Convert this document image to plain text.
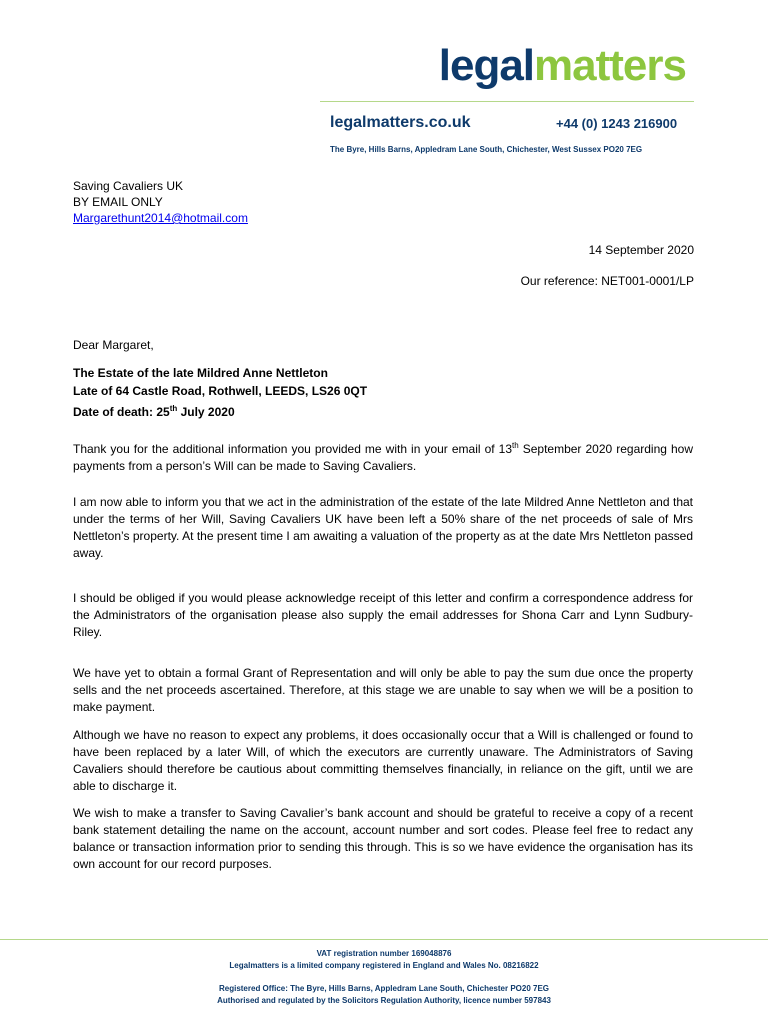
legalmatters
legalmatters.co.uk	+44 (0) 1243 216900
The Byre, Hills Barns, Appledram Lane South, Chichester, West Sussex PO20 7EG
Saving Cavaliers UK
BY EMAIL ONLY
Margarethunt2014@hotmail.com
14 September 2020
Our reference: NET001-0001/LP
Dear Margaret,
The Estate of the late Mildred Anne Nettleton
Late of 64 Castle Road, Rothwell, LEEDS, LS26 0QT
Date of death: 25th July 2020

Thank you for the additional information you provided me with in your email of 13th September 2020 regarding how payments from a person’s Will can be made to Saving Cavaliers.

I am now able to inform you that we act in the administration of the estate of the late Mildred Anne Nettleton and that under the terms of her Will, Saving Cavaliers UK have been left a 50% share of the net proceeds of sale of Mrs Nettleton’s property. At the present time I am awaiting a valuation of the property as at the date Mrs Nettleton passed away.

I should be obliged if you would please acknowledge receipt of this letter and confirm a correspondence address for the Administrators of the organisation please also supply the email addresses for Shona Carr and Lynn Sudbury-Riley.

We have yet to obtain a formal Grant of Representation and will only be able to pay the sum due once the property sells and the net proceeds ascertained. Therefore, at this stage we are unable to say when we will be a position to make payment.

Although we have no reason to expect any problems, it does occasionally occur that a Will is challenged or found to have been replaced by a later Will, of which the executors are currently unaware. The Administrators of Saving Cavaliers should therefore be cautious about committing themselves financially, in reliance on the gift, until we are able to discharge it.

We wish to make a transfer to Saving Cavalier’s bank account and should be grateful to receive a copy of a recent bank statement detailing the name on the account, account number and sort codes. Please feel free to redact any balance or transaction information prior to sending this through. This is so we have evidence the organisation has its own account for our record purposes.

VAT registration number 169048876
Legalmatters is a limited company registered in England and Wales No. 08216822
Registered Office: The Byre, Hills Barns, Appledram Lane South, Chichester PO20 7EG
Authorised and regulated by the Solicitors Regulation Authority, licence number 597843
